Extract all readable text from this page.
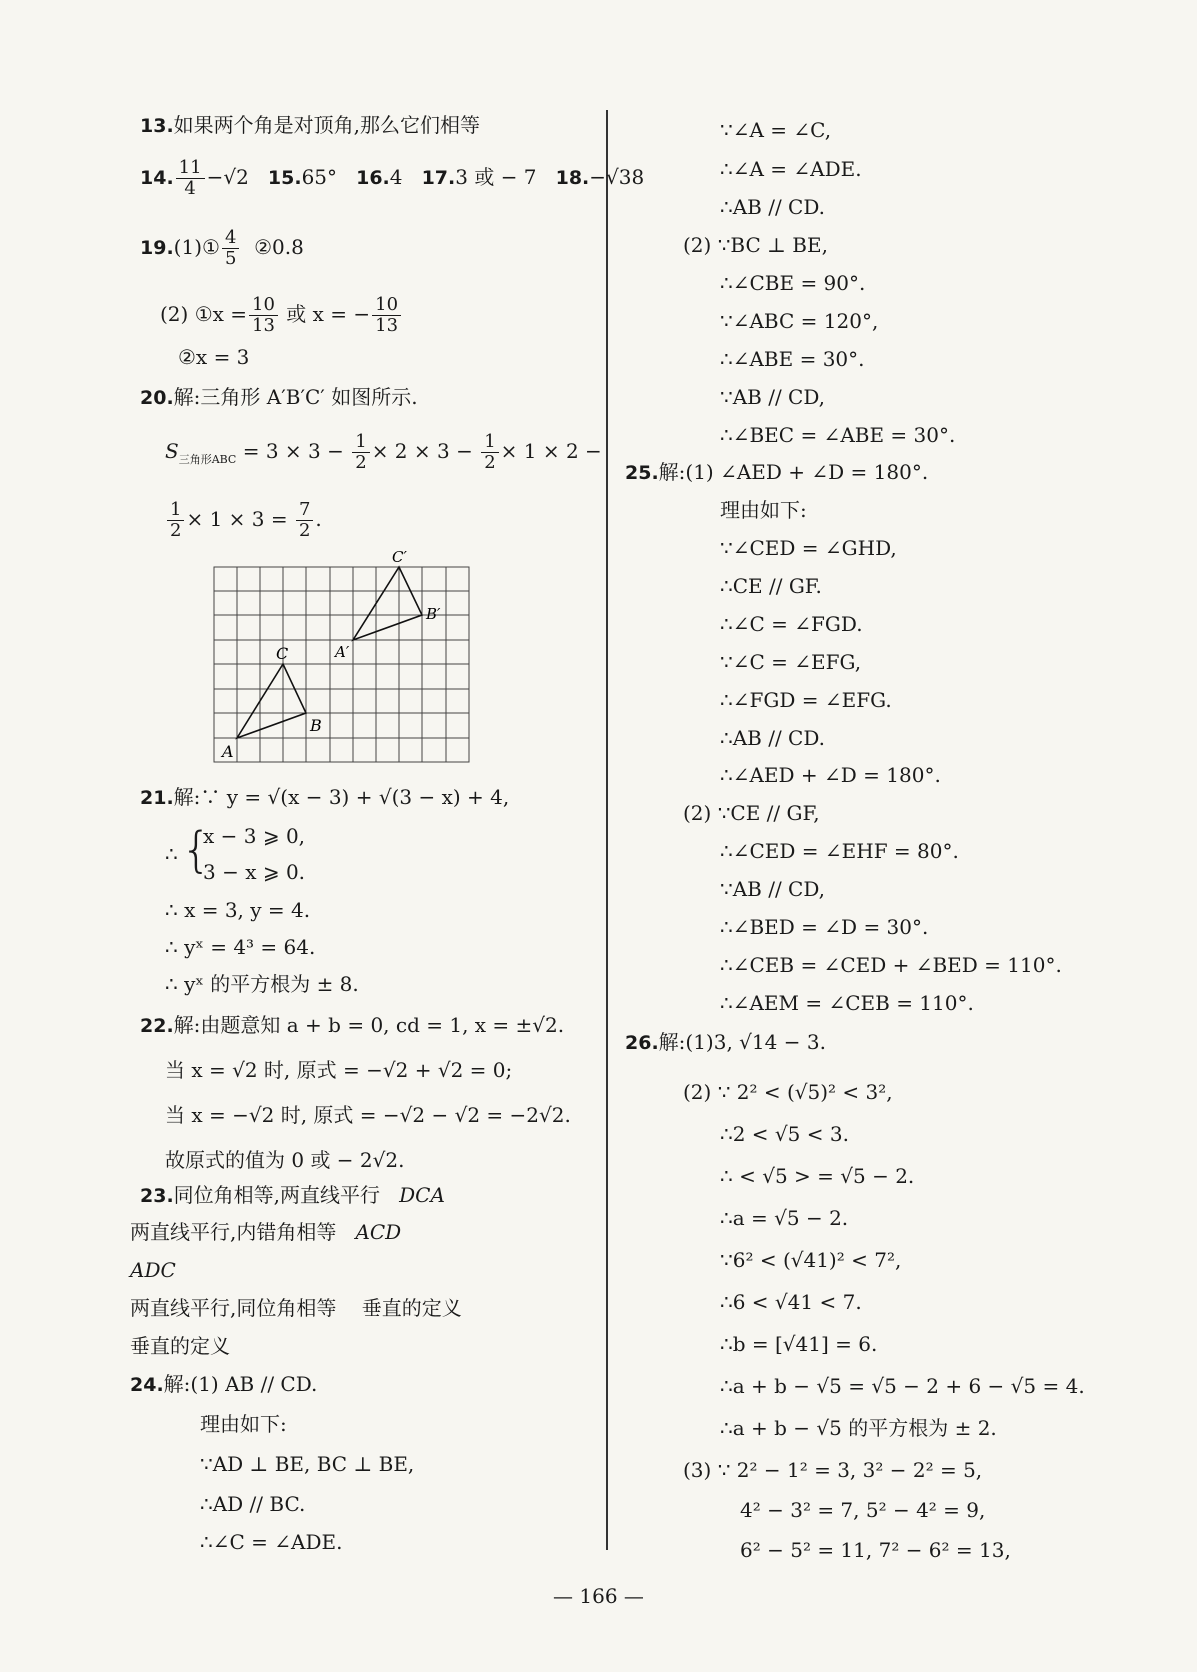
13.如果两个角是对顶角,那么它们相等
14. $\frac{11}{4} -√2$ 15.65° 16.4 17.3 或 − 7 18.−√38
19.(1)① $\frac{4}{5}$ ②0.8
(2) ①x = $\frac{10}{13}$ 或 x = − $\frac{10}{13}$
②x = 3
20.解:三角形 A′B′C′ 如图所示.
$S_{三角形ABC} = 3 \times 3 - \frac{1}{2} \times 2 \times 3 - \frac{1}{2} \times 1 \times 2$ −
$\frac{1}{2} \times 1 \times 3 = \frac{7}{2}$ .
A
B
C	A′
B′
C′
21.解:∵ y = √(x − 3) + √(3 − x) + 4,
∴ {
x − 3 ⩾ 0,
3 − x ⩾ 0.
∴ x = 3, y = 4.
∴ yˣ = 4³ = 64.
∴ yˣ 的平方根为 ± 8.
22.解:由题意知 a + b = 0, cd = 1, x = ±√2.
当 x = √2 时, 原式 = −√2 + √2 = 0;
当 x = −√2 时, 原式 = −√2 − √2 = −2√2.
故原式的值为 0 或 − 2√2.
23.同位角相等,两直线平行 DCA
两直线平行,内错角相等 ACD
ADC
两直线平行,同位角相等 垂直的定义
垂直的定义
24.解:(1) AB // CD.
理由如下:
∵AD ⊥ BE, BC ⊥ BE,
∴AD // BC.
∴∠C = ∠ADE.
∵∠A = ∠C,
∴∠A = ∠ADE.
∴AB // CD.
(2) ∵BC ⊥ BE,
∴∠CBE = 90°.
∵∠ABC = 120°,
∴∠ABE = 30°.
∵AB // CD,
∴∠BEC = ∠ABE = 30°.
25.解:(1) ∠AED + ∠D = 180°.
理由如下:
∵∠CED = ∠GHD,
∴CE // GF.
∴∠C = ∠FGD.
∵∠C = ∠EFG,
∴∠FGD = ∠EFG.
∴AB // CD.
∴∠AED + ∠D = 180°.
(2) ∵CE // GF,
∴∠CED = ∠EHF = 80°.
∵AB // CD,
∴∠BED = ∠D = 30°.
∴∠CEB = ∠CED + ∠BED = 110°.
∴∠AEM = ∠CEB = 110°.
26.解:(1)3, √14 − 3.
(2) ∵ 2² < (√5)² < 3²,
∴2 < √5 < 3.
∴ < √5 > = √5 − 2.
∴a = √5 − 2.
∵6² < (√41)² < 7²,
∴6 < √41 < 7.
∴b = [√41] = 6.
∴a + b − √5 = √5 − 2 + 6 − √5 = 4.
∴a + b − √5 的平方根为 ± 2.
(3) ∵ 2² − 1² = 3, 3² − 2² = 5,
4² − 3² = 7, 5² − 4² = 9,
6² − 5² = 11, 7² − 6² = 13,
— 166 —
